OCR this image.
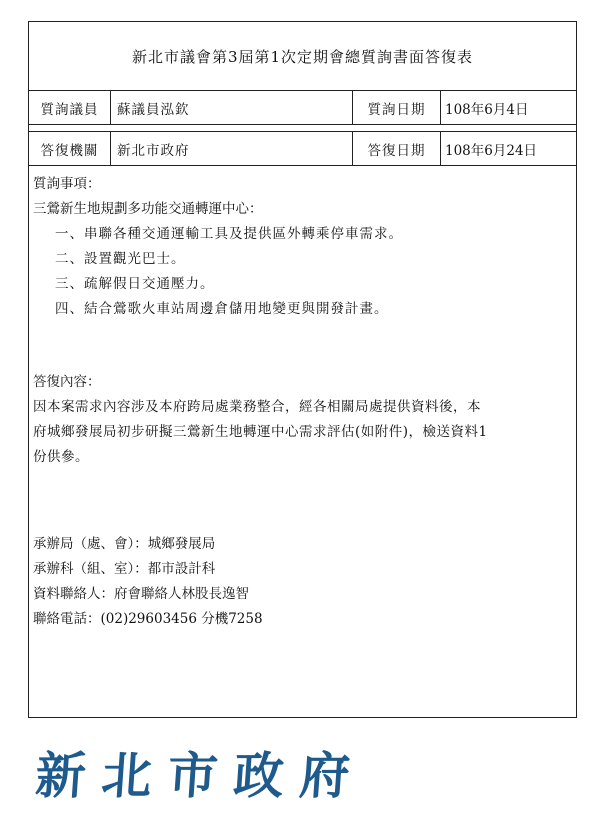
新北市議會第3屆第1次定期會總質詢書面答復表
質詢議員	蘇議員泓欽	質詢日期	108年6月4日
答復機關	新北市政府	答復日期	108年6月24日

質詢事項：

三鶯新生地規劃多功能交通轉運中心：

一、串聯各種交通運輸工具及提供區外轉乘停車需求。

二、設置觀光巴士。

三、疏解假日交通壓力。

四、結合鶯歌火車站周邊倉儲用地變更與開發計畫。

答復內容：

因本案需求內容涉及本府跨局處業務整合，經各相關局處提供資料後，本

府城鄉發展局初步研擬三鶯新生地轉運中心需求評估(如附件)，檢送資料1

份供參。

承辦局（處、會）：城鄉發展局

承辦科（組、室）：都市設計科

資料聯絡人：府會聯絡人林股長逸智

聯絡電話：(02)29603456 分機7258

新北市政府
